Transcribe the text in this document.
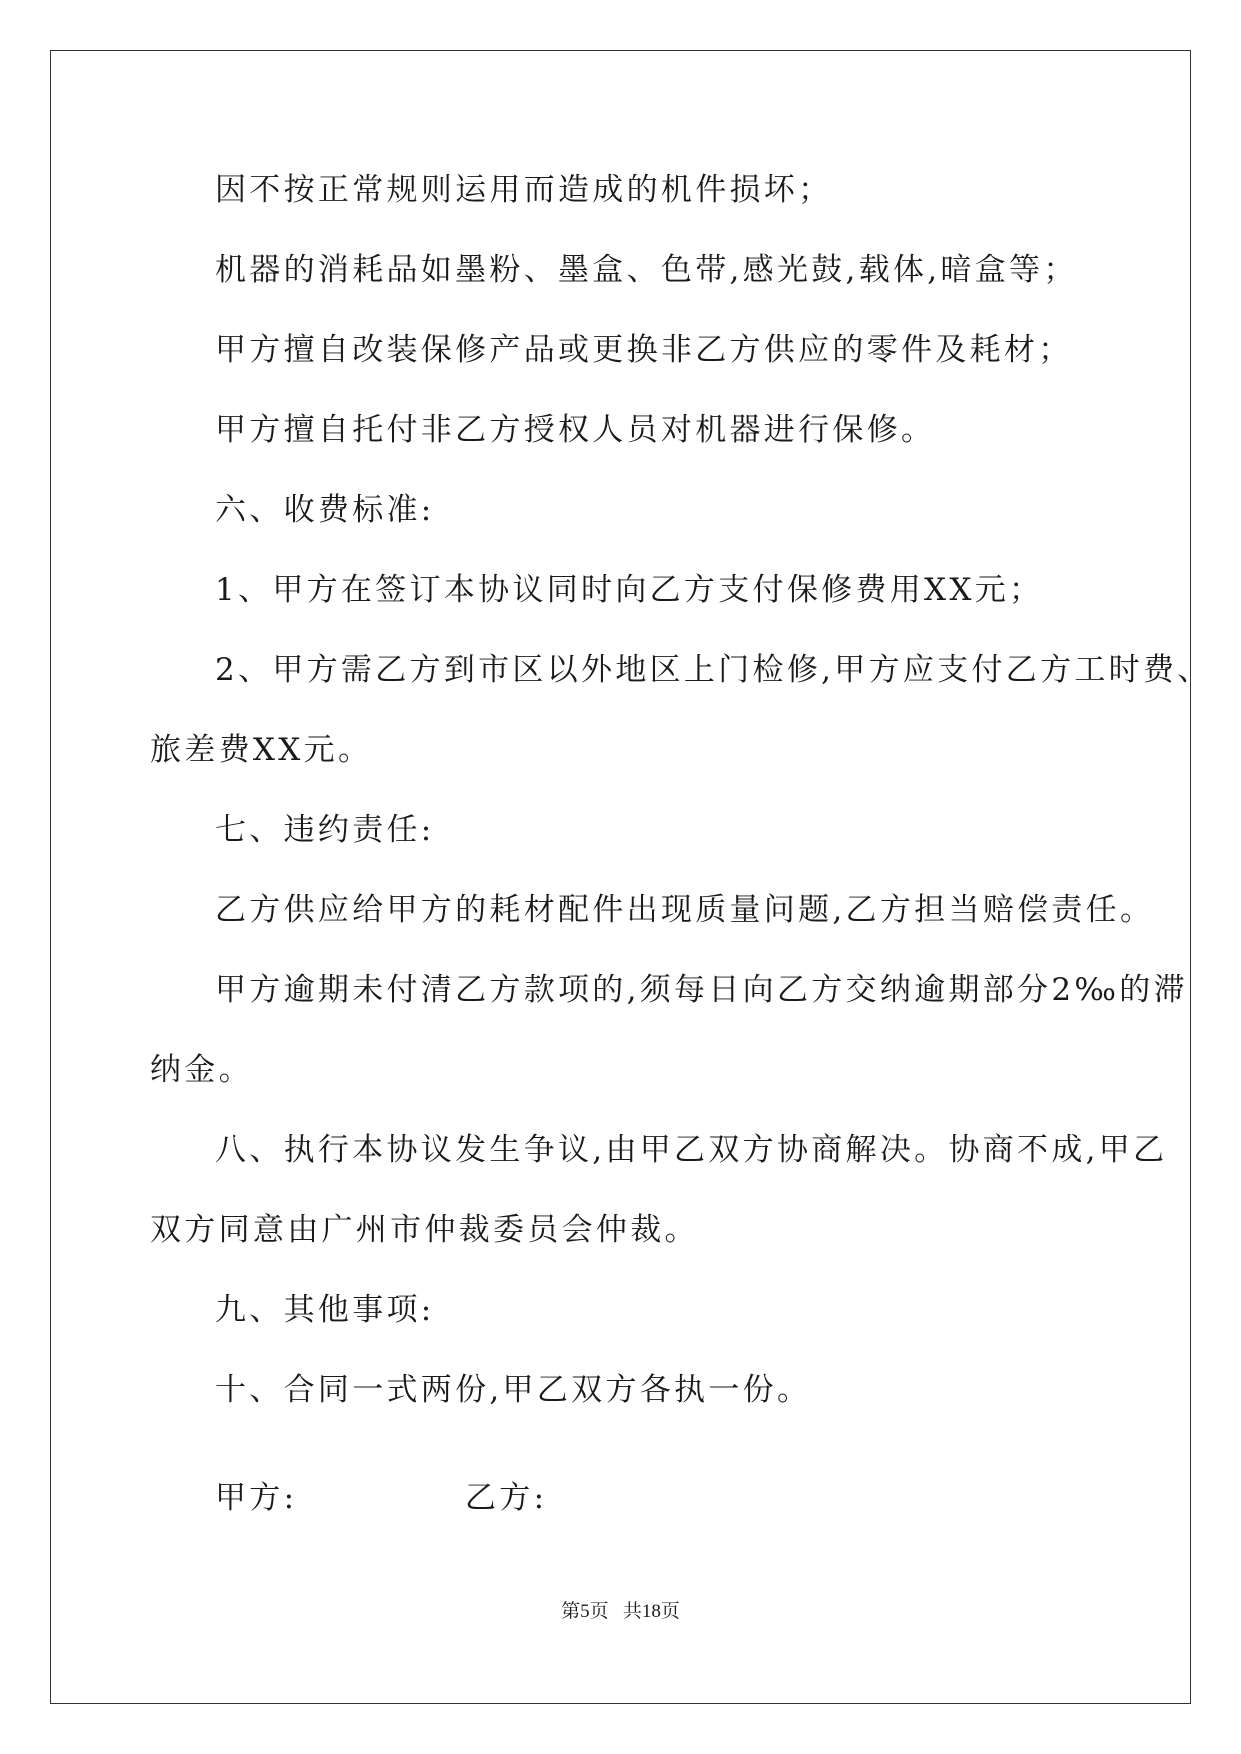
因不按正常规则运用而造成的机件损坏；
机器的消耗品如墨粉、墨盒、色带,感光鼓,载体,暗盒等；
甲方擅自改装保修产品或更换非乙方供应的零件及耗材；
甲方擅自托付非乙方授权人员对机器进行保修。
六、收费标准:
1、甲方在签订本协议同时向乙方支付保修费用XX元；
2、甲方需乙方到市区以外地区上门检修,甲方应支付乙方工时费、
旅差费XX元。
七、违约责任:
乙方供应给甲方的耗材配件出现质量问题,乙方担当赔偿责任。
甲方逾期未付清乙方款项的,须每日向乙方交纳逾期部分2‰的滞
纳金。
八、执行本协议发生争议,由甲乙双方协商解决。协商不成,甲乙
双方同意由广州市仲裁委员会仲裁。
九、其他事项:
十、合同一式两份,甲乙双方各执一份。
甲方:	乙方:
第5页   共18页
